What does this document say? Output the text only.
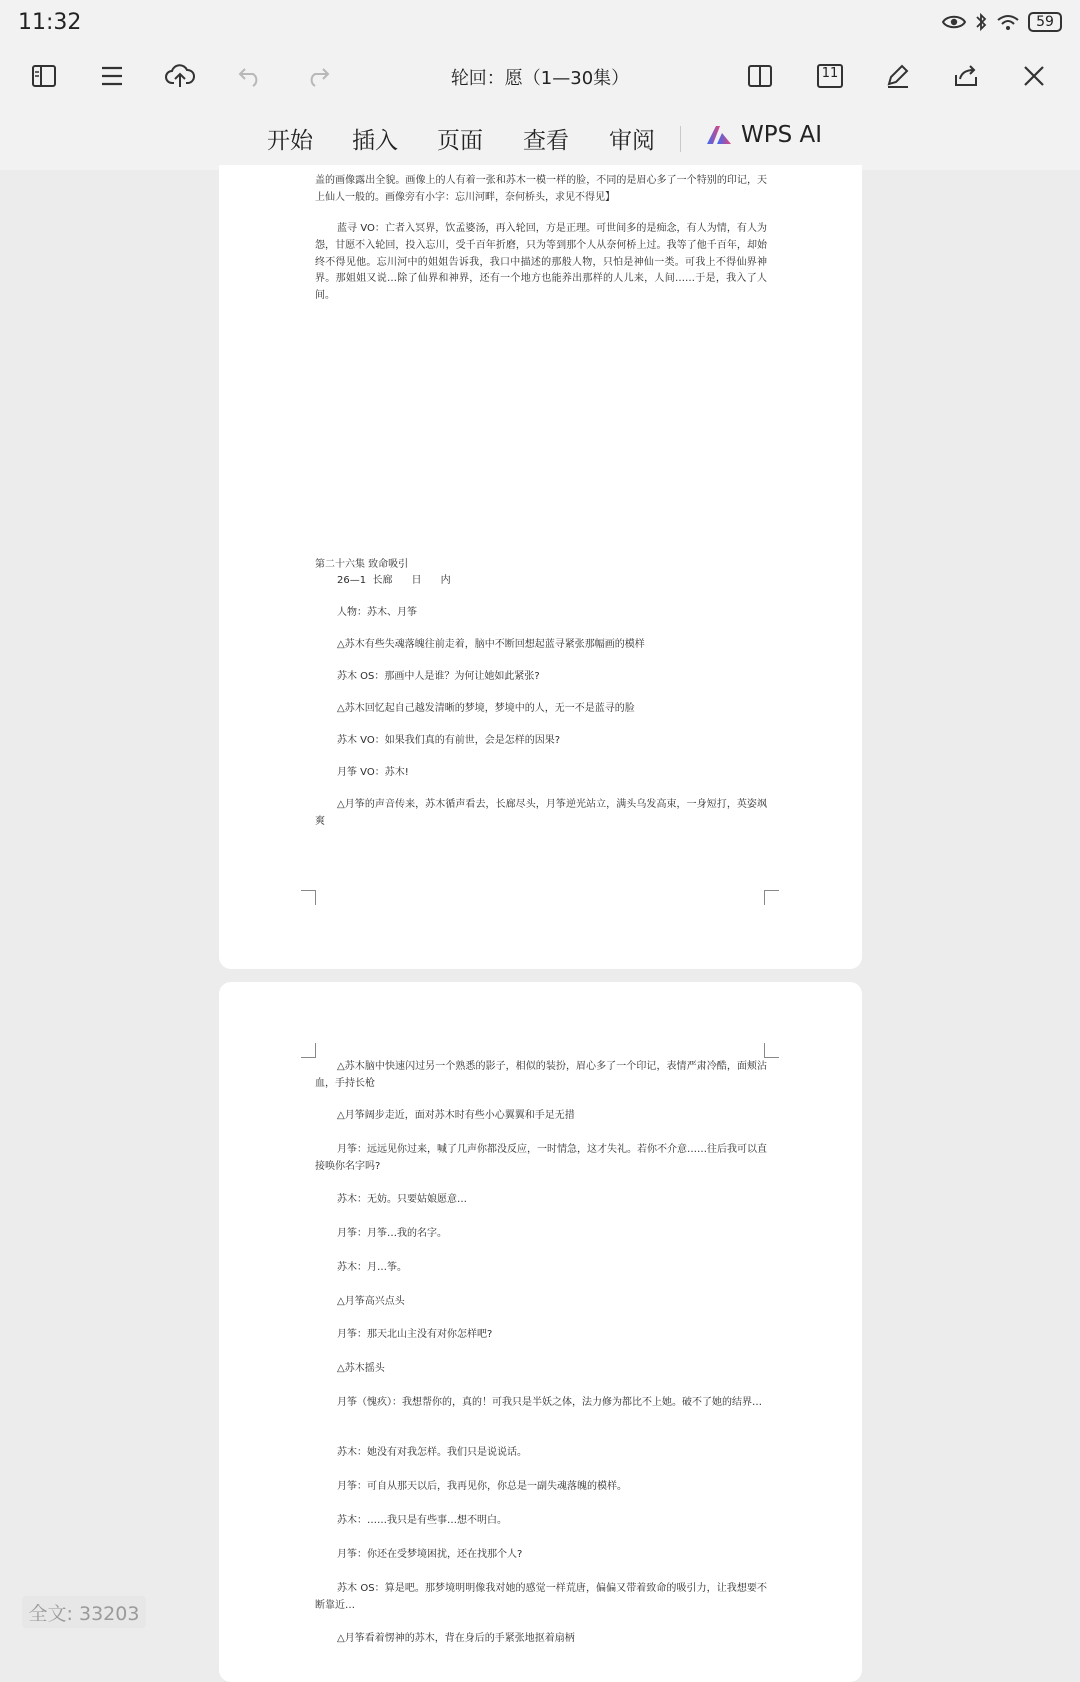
11:32	59
轮回：愿（1—30集）	11
开始 插入 页面 查看 审阅	WPS AI
盖的画像露出全貌。画像上的人有着一张和苏木一模一样的脸，不同的是眉心多了一个特别的印记，天上仙人一般的。画像旁有小字：忘川河畔，奈何桥头，求见不得见】
蓝寻 VO：亡者入冥界，饮孟婆汤，再入轮回，方是正理。可世间多的是痴念，有人为情，有人为怨，甘愿不入轮回，投入忘川，受千百年折磨，只为等到那个人从奈何桥上过。我等了他千百年，却始终不得见他。忘川河中的姐姐告诉我，我口中描述的那般人物，只怕是神仙一类。可我上不得仙界神界。那姐姐又说…除了仙界和神界，还有一个地方也能养出那样的人儿来，人间……于是，我入了人间。
第二十六集 致命吸引
26—1  长廊      日      内
人物：苏木、月筝
△苏木有些失魂落魄往前走着，脑中不断回想起蓝寻紧张那幅画的模样
苏木 OS：那画中人是谁？为何让她如此紧张?
△苏木回忆起自己越发清晰的梦境，梦境中的人，无一不是蓝寻的脸
苏木 VO：如果我们真的有前世，会是怎样的因果?
月筝 VO：苏木!
△月筝的声音传来，苏木循声看去，长廊尽头，月筝逆光站立，满头乌发高束，一身短打，英姿飒爽
△苏木脑中快速闪过另一个熟悉的影子，相似的装扮，眉心多了一个印记，表情严肃冷酷，面颊沾血，手持长枪
△月筝阔步走近，面对苏木时有些小心翼翼和手足无措
月筝：远远见你过来，喊了几声你都没反应，一时情急，这才失礼。若你不介意……往后我可以直接唤你名字吗?
苏木：无妨。只要姑娘愿意…
月筝：月筝…我的名字。
苏木：月…筝。
△月筝高兴点头
月筝：那天北山主没有对你怎样吧?
△苏木摇头
月筝（愧疚）：我想帮你的，真的！可我只是半妖之体，法力修为都比不上她。破不了她的结界…
苏木：她没有对我怎样。我们只是说说话。
月筝：可自从那天以后，我再见你，你总是一副失魂落魄的模样。
苏木：……我只是有些事…想不明白。
月筝：你还在受梦境困扰，还在找那个人?
苏木 OS：算是吧。那梦境明明像我对她的感觉一样荒唐，偏偏又带着致命的吸引力，让我想要不断靠近…
△月筝看着愣神的苏木，背在身后的手紧张地抠着扇柄
全文: 33203
